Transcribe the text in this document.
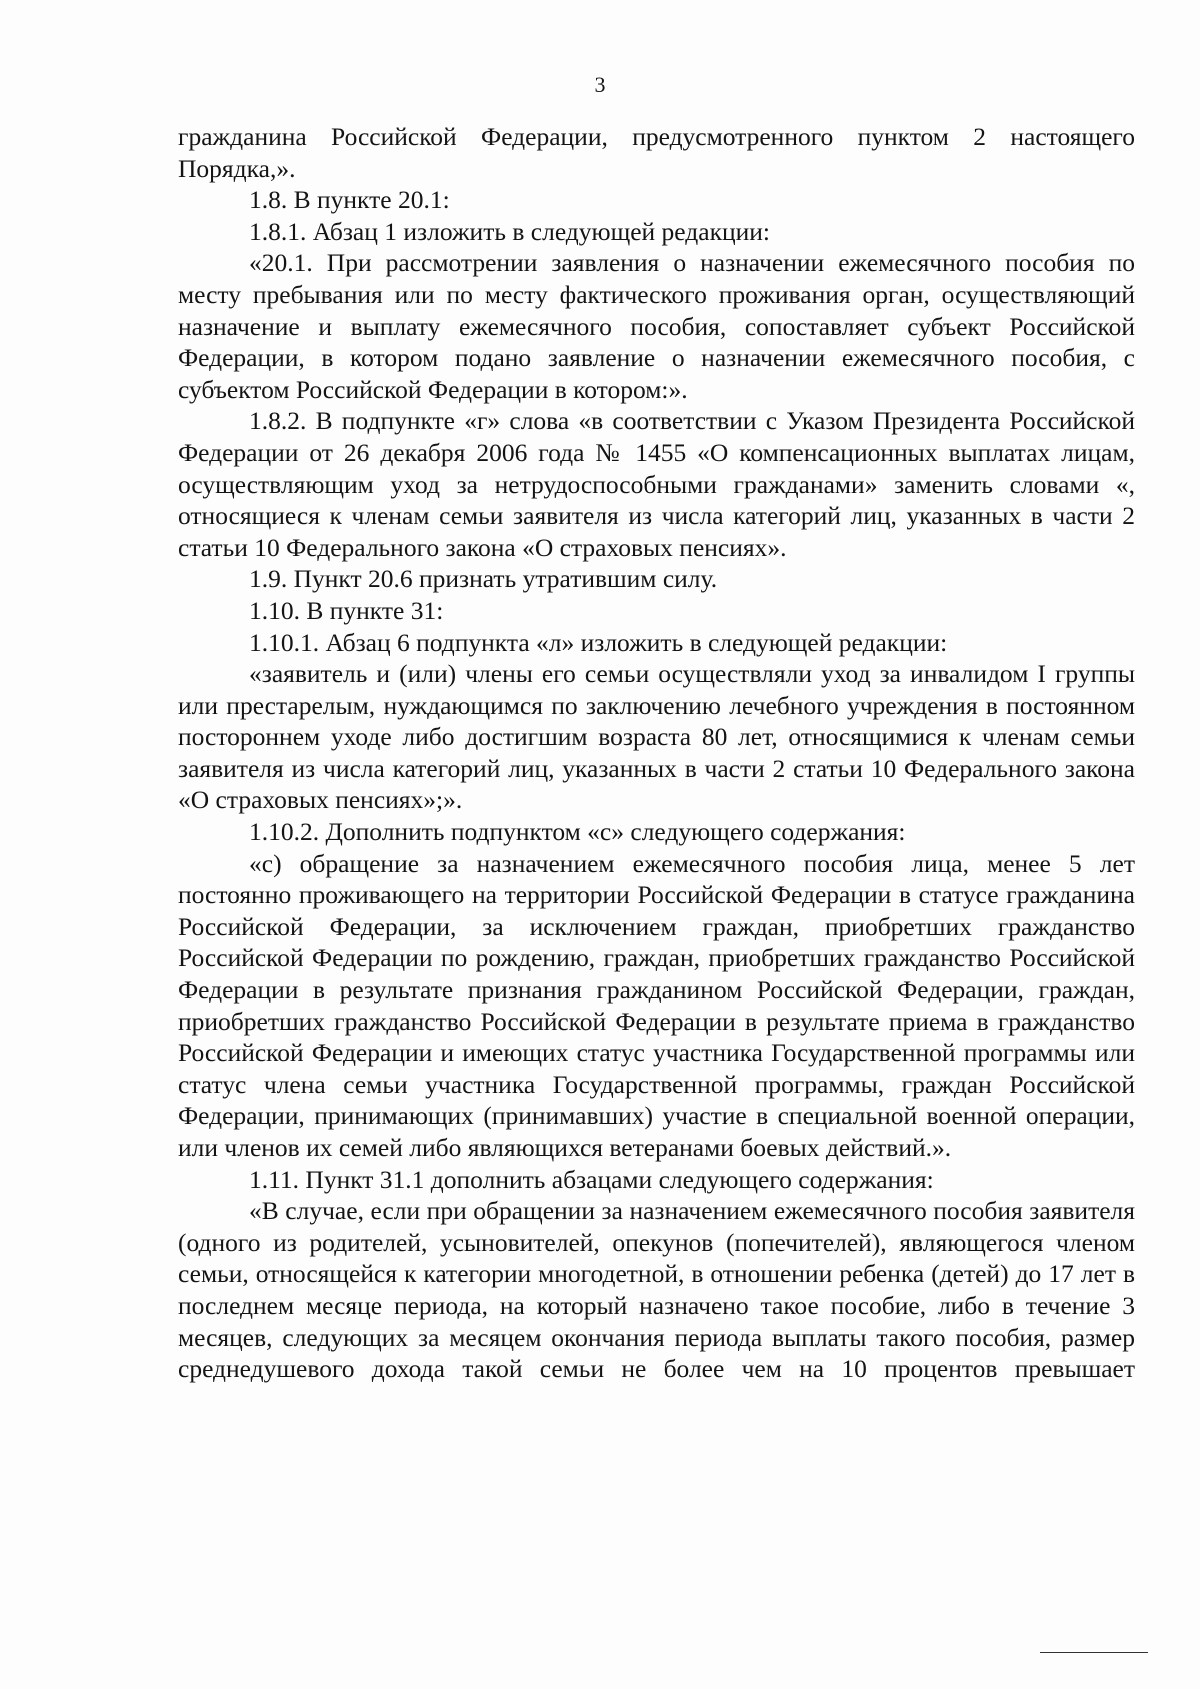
3

гражданина Российской Федерации, предусмотренного пунктом 2 настоящего Порядка,».

1.8. В пункте 20.1:

1.8.1. Абзац 1 изложить в следующей редакции:

«20.1. При рассмотрении заявления о назначении ежемесячного пособия по месту пребывания или по месту фактического проживания орган, осуществляющий назначение и выплату ежемесячного пособия, сопоставляет субъект Российской Федерации, в котором подано заявление о назначении ежемесячного пособия, с субъектом Российской Федерации в котором:».

1.8.2. В подпункте «г» слова «в соответствии с Указом Президента Российской Федерации от 26 декабря 2006 года № 1455 «О компенсационных выплатах лицам, осуществляющим уход за нетрудоспособными гражданами» заменить словами «, относящиеся к членам семьи заявителя из числа категорий лиц, указанных в части 2 статьи 10 Федерального закона «О страховых пенсиях».

1.9. Пункт 20.6 признать утратившим силу.

1.10. В пункте 31:

1.10.1. Абзац 6 подпункта «л» изложить в следующей редакции:

«заявитель и (или) члены его семьи осуществляли уход за инвалидом I группы или престарелым, нуждающимся по заключению лечебного учреждения в постоянном постороннем уходе либо достигшим возраста 80 лет, относящимися к членам семьи заявителя из числа категорий лиц, указанных в части 2 статьи 10 Федерального закона «О страховых пенсиях»;».

1.10.2. Дополнить подпунктом «с» следующего содержания:

«с) обращение за назначением ежемесячного пособия лица, менее 5 лет постоянно проживающего на территории Российской Федерации в статусе гражданина Российской Федерации, за исключением граждан, приобретших гражданство Российской Федерации по рождению, граждан, приобретших гражданство Российской Федерации в результате признания гражданином Российской Федерации, граждан, приобретших гражданство Российской Федерации в результате приема в гражданство Российской Федерации и имеющих статус участника Государственной программы или статус члена семьи участника Государственной программы, граждан Российской Федерации, принимающих (принимавших) участие в специальной военной операции, или членов их семей либо являющихся ветеранами боевых действий.».

1.11. Пункт 31.1 дополнить абзацами следующего содержания:

«В случае, если при обращении за назначением ежемесячного пособия заявителя (одного из родителей, усыновителей, опекунов (попечителей), являющегося членом семьи, относящейся к категории многодетной, в отношении ребенка (детей) до 17 лет в последнем месяце периода, на который назначено такое пособие, либо в течение 3 месяцев, следующих за месяцем окончания периода выплаты такого пособия, размер среднедушевого дохода такой семьи не более чем на 10 процентов превышает
